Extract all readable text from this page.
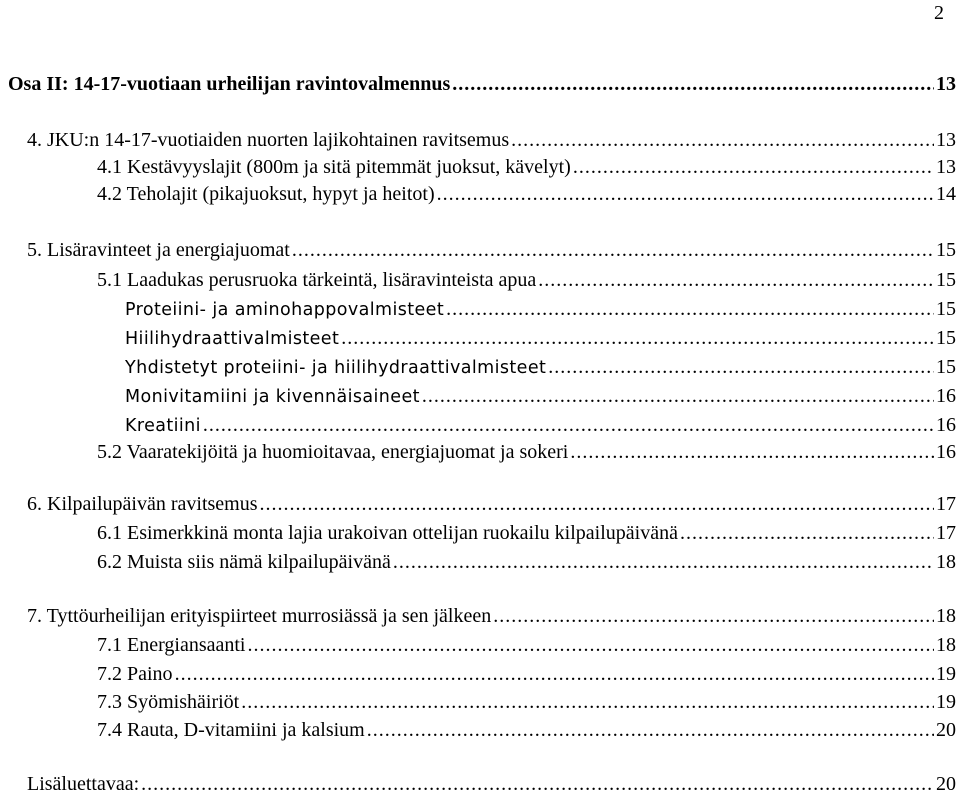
2
Osa II: 14-17-vuotiaan urheilijan ravintovalmennus .....	13
4. JKU:n 14-17-vuotiaiden nuorten lajikohtainen ravitsemus .....	13
4.1 Kestävyyslajit (800m ja sitä pitemmät juoksut, kävelyt) .....	13
4.2 Teholajit (pikajuoksut, hypyt ja heitot) .....	14
5. Lisäravinteet ja energiajuomat .....	15
5.1 Laadukas perusruoka tärkeintä, lisäravinteista apua .....	15
Proteiini- ja aminohappovalmisteet .....	15
Hiilihydraattivalmisteet .....	15
Yhdistetyt proteiini- ja hiilihydraattivalmisteet .....	15
Monivitamiini ja kivennäisaineet .....	16
Kreatiini .....	16
5.2 Vaaratekijöitä ja huomioitavaa, energiajuomat ja sokeri .....	16
6. Kilpailupäivän ravitsemus .....	17
6.1 Esimerkkinä monta lajia urakoivan ottelijan ruokailu kilpailupäivänä .....	17
6.2 Muista siis nämä kilpailupäivänä .....	18
7. Tyttöurheilijan erityispiirteet murrosiässä ja sen jälkeen .....	18
7.1 Energiansaanti .....	18
7.2 Paino .....	19
7.3 Syömishäiriöt .....	19
7.4 Rauta, D-vitamiini ja kalsium .....	20
Lisäluettavaa: .....	20
